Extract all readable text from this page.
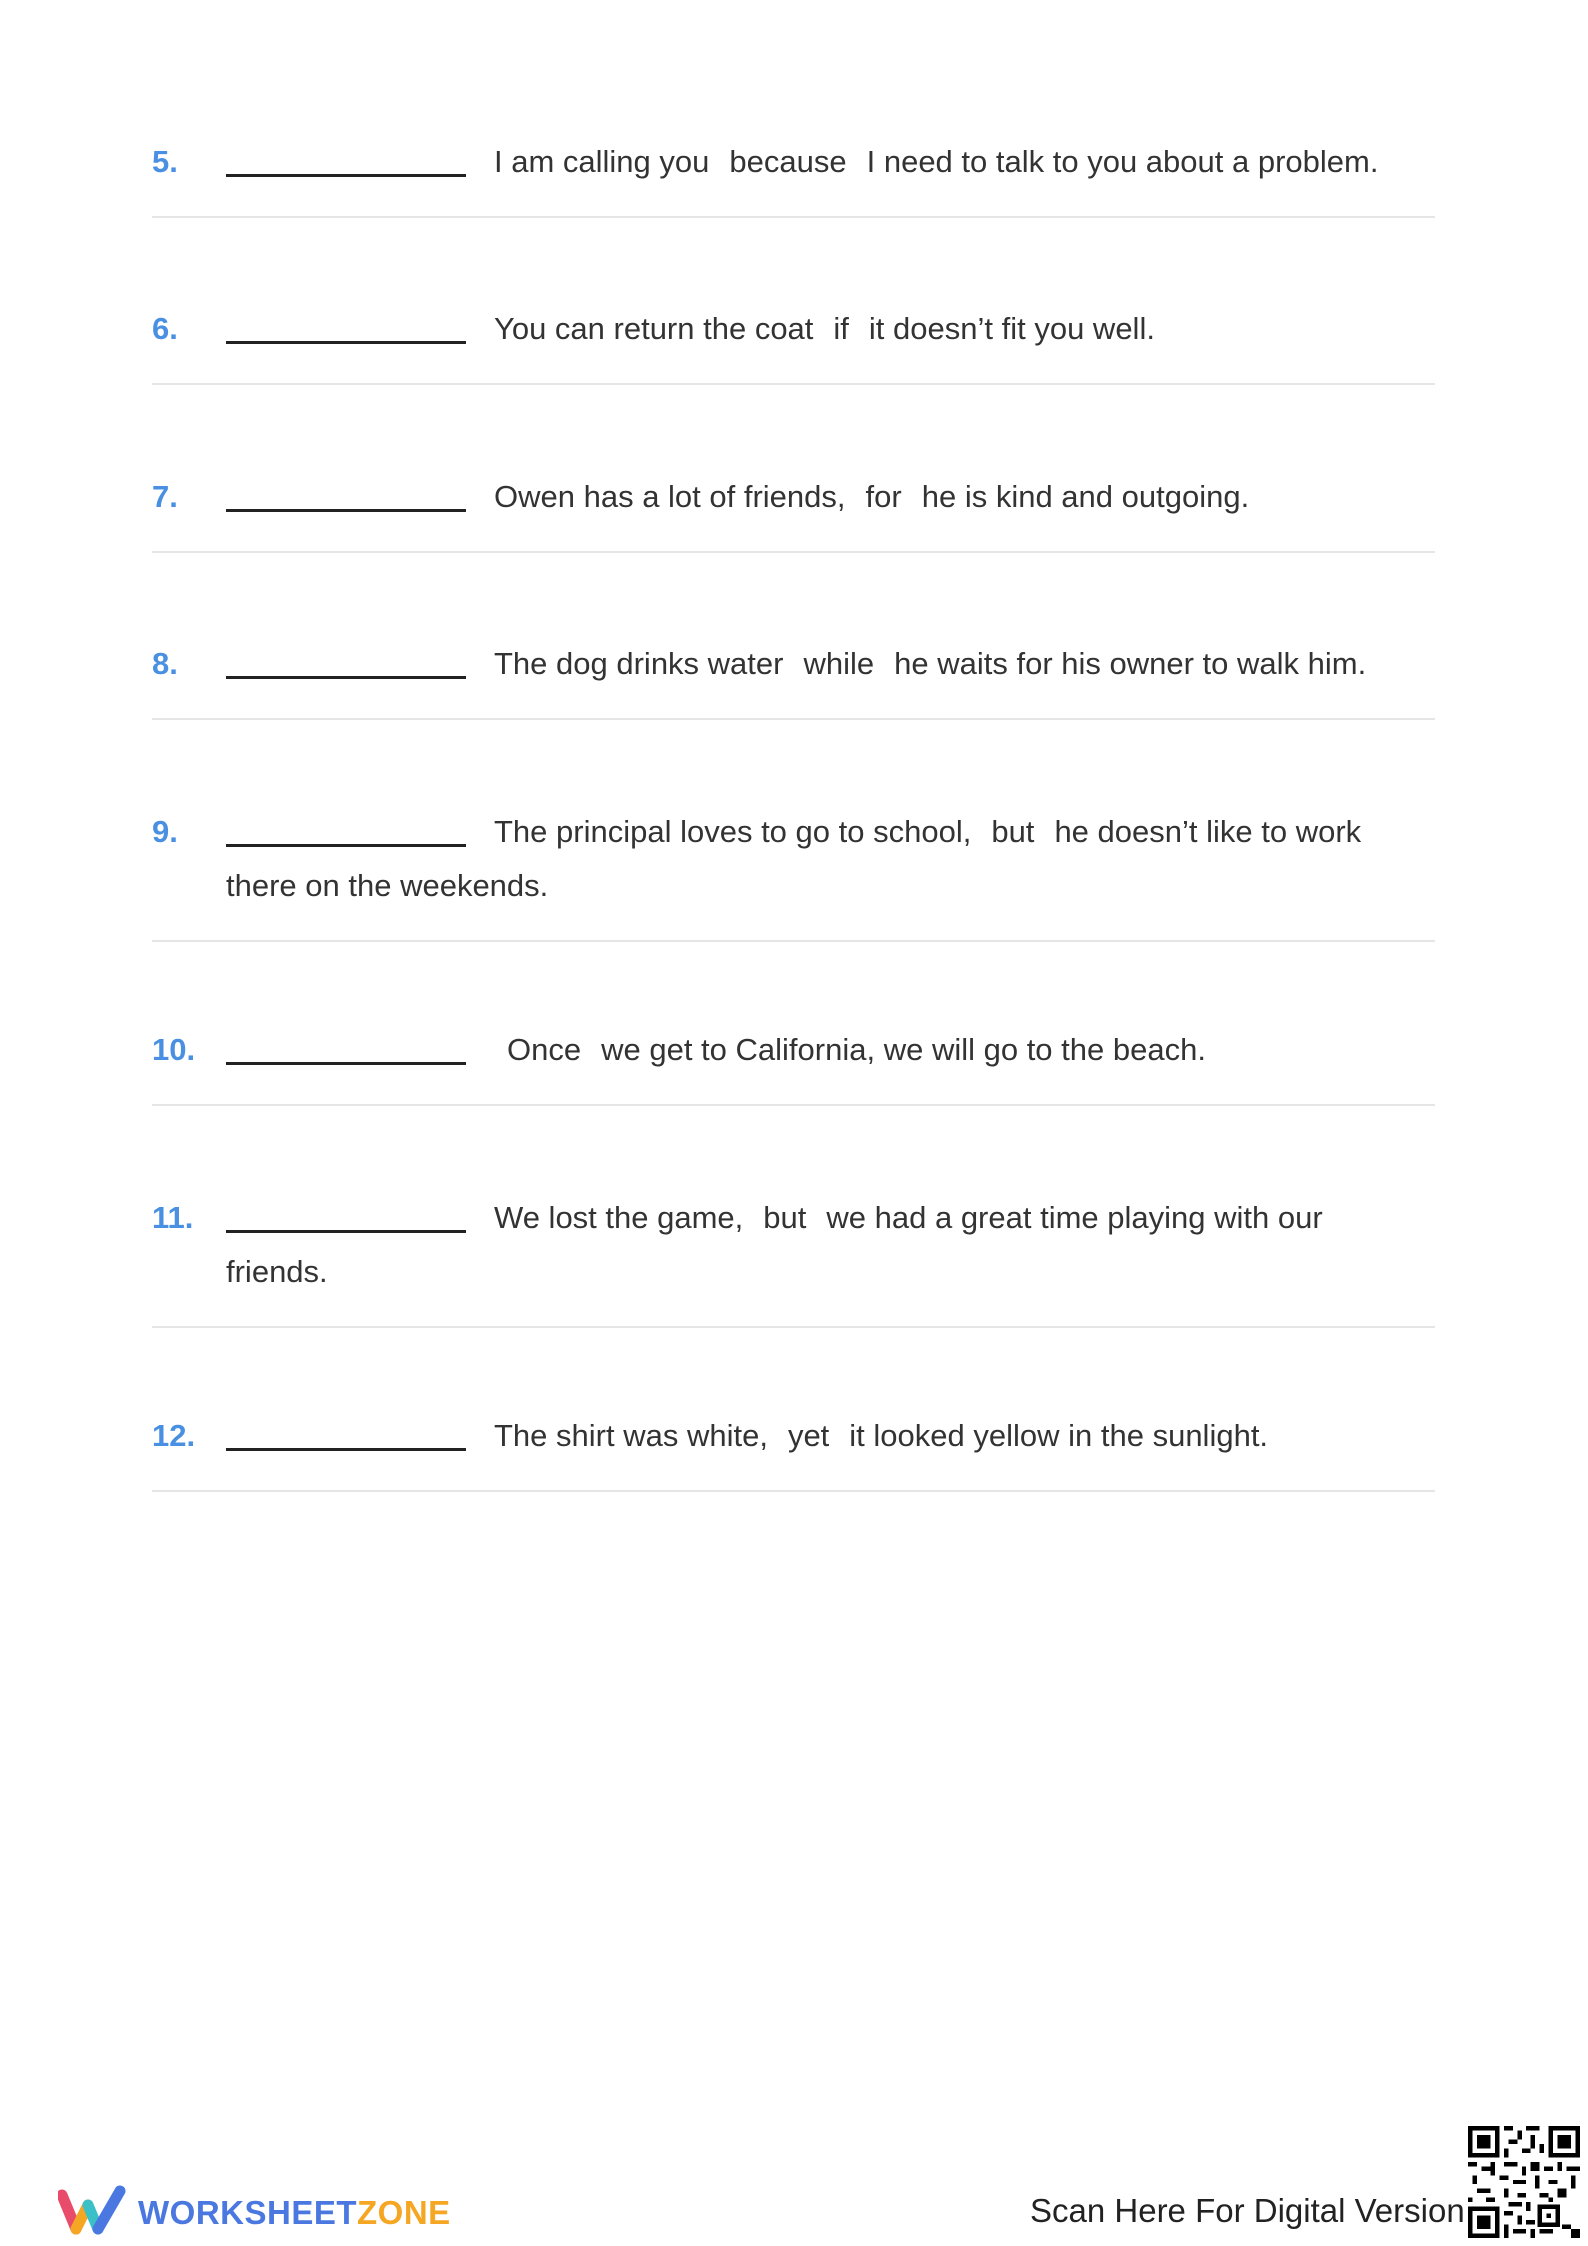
5.	I am calling you because I need to talk to you about a problem.
6.	You can return the coat if it doesn’t fit you well.
7.	Owen has a lot of friends, for he is kind and outgoing.
8.	The dog drinks water while he waits for his owner to walk him.
9.	The principal loves to go to school, but he doesn’t like to work
there on the weekends.
10.	Once we get to California, we will go to the beach.
11.	We lost the game, but we had a great time playing with our
friends.
12.	The shirt was white, yet it looked yellow in the sunlight.
WORKSHEETZONE	Scan Here For Digital Version
